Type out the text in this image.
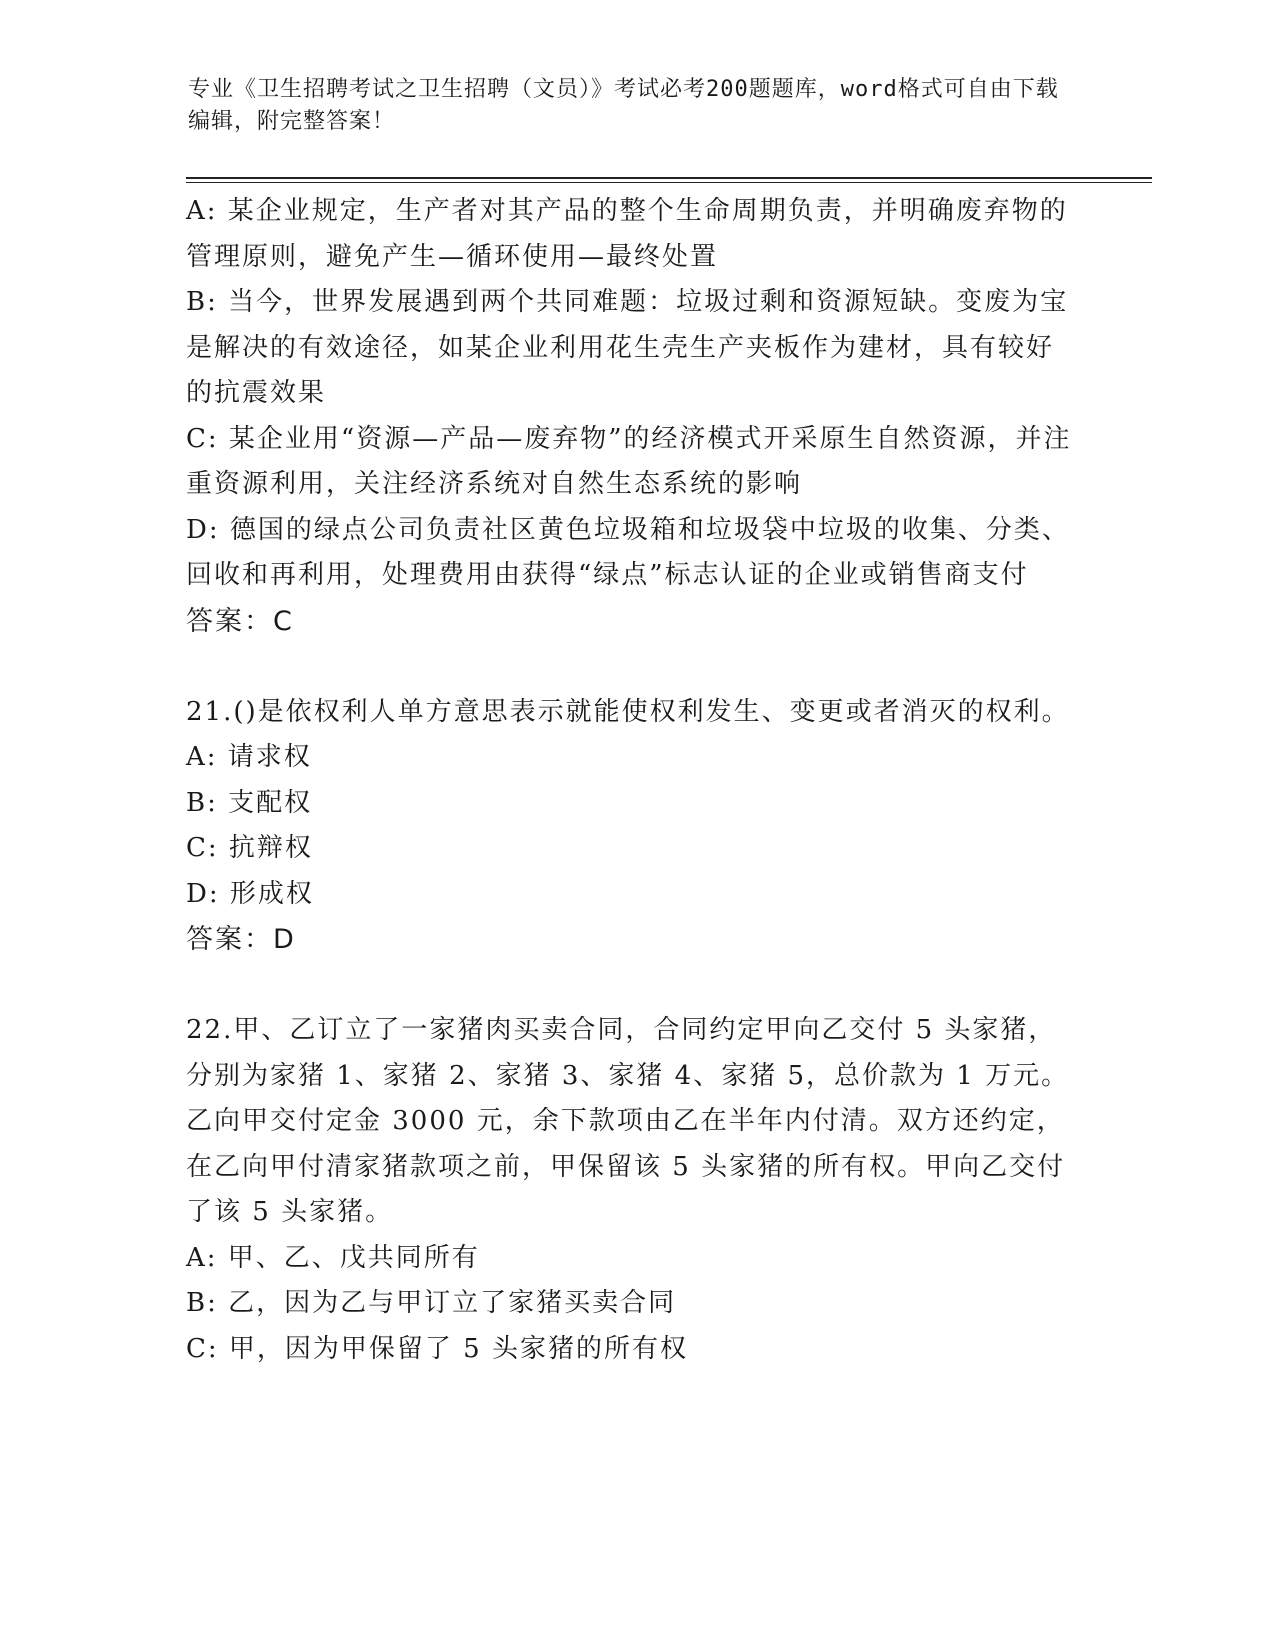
专业《卫生招聘考试之卫生招聘（文员）》考试必考200题题库，word格式可自由下载编辑，附完整答案！

A: 某企业规定，生产者对其产品的整个生命周期负责，并明确废弃物的管理原则，避免产生—循环使用—最终处置

B: 当今，世界发展遇到两个共同难题：垃圾过剩和资源短缺。变废为宝是解决的有效途径，如某企业利用花生壳生产夹板作为建材，具有较好的抗震效果

C: 某企业用“资源—产品—废弃物”的经济模式开采原生自然资源，并注重资源利用，关注经济系统对自然生态系统的影响

D: 德国的绿点公司负责社区黄色垃圾箱和垃圾袋中垃圾的收集、分类、回收和再利用，处理费用由获得“绿点”标志认证的企业或销售商支付

答案：C

21.()是依权利人单方意思表示就能使权利发生、变更或者消灭的权利。

A: 请求权

B: 支配权

C: 抗辩权

D: 形成权

答案：D

22.甲、乙订立了一家猪肉买卖合同，合同约定甲向乙交付 5 头家猪，分别为家猪 1、家猪 2、家猪 3、家猪 4、家猪 5，总价款为 1 万元。乙向甲交付定金 3000 元，余下款项由乙在半年内付清。双方还约定，在乙向甲付清家猪款项之前，甲保留该 5 头家猪的所有权。甲向乙交付了该 5 头家猪。

A: 甲、乙、戊共同所有

B: 乙，因为乙与甲订立了家猪买卖合同

C: 甲，因为甲保留了 5 头家猪的所有权
